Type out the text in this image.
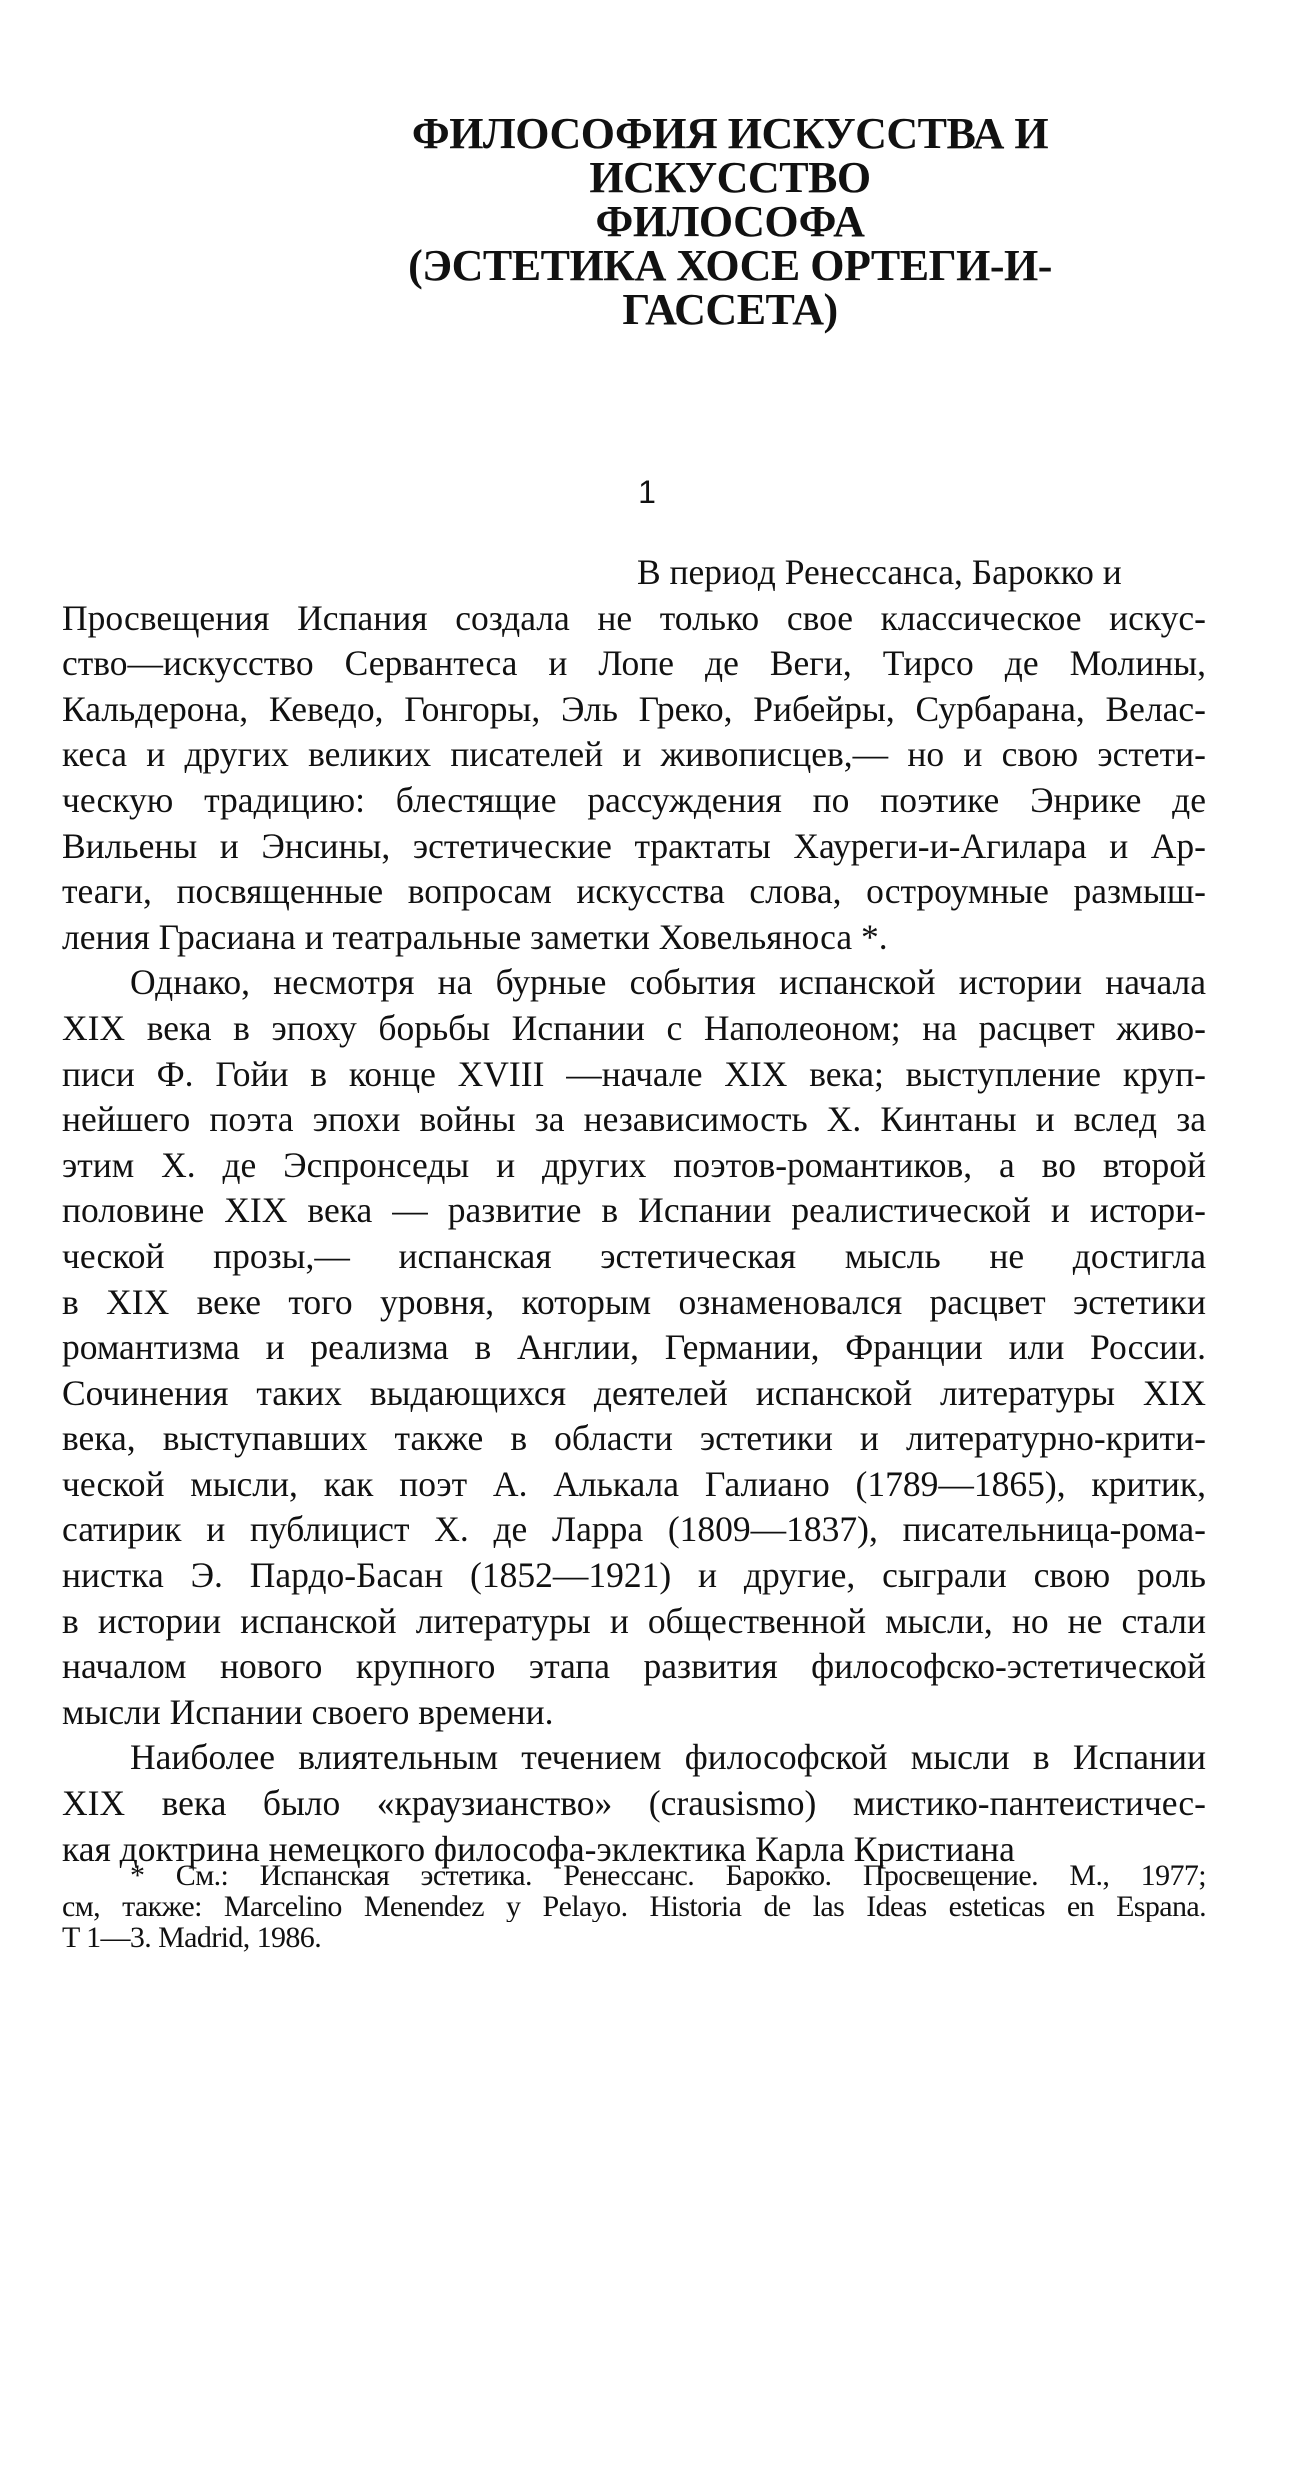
ФИЛОСОФИЯ ИСКУССТВА И
ИСКУССТВО
ФИЛОСОФА
(ЭСТЕТИКА ХОСЕ ОРТЕГИ-И-
ГАССЕТА)
1
В период Ренессанса, Барокко и
Просвещения Испания создала не только свое классическое искус-
ство—искусство Сервантеса и Лопе де Веги, Тирсо де Молины,
Кальдерона, Кеведо, Гонгоры, Эль Греко, Рибейры, Сурбарана, Велас-
кеса и других великих писателей и живописцев,— но и свою эстети-
ческую традицию: блестящие рассуждения по поэтике Энрике де
Вильены и Энсины, эстетические трактаты Хауреги-и-Агилара и Ар-
теаги, посвященные вопросам искусства слова, остроумные размыш-
ления Грасиана и театральные заметки Ховельяноса *.
Однако, несмотря на бурные события испанской истории начала
XIX века в эпоху борьбы Испании с Наполеоном; на расцвет живо-
писи Ф. Гойи в конце XVIII —начале XIX века; выступление круп-
нейшего поэта эпохи войны за независимость X. Кинтаны и вслед за
этим X. де Эспронседы и других поэтов-романтиков, а во второй
половине XIX века — развитие в Испании реалистической и истори-
ческой прозы,— испанская эстетическая мысль не достигла
в XIX веке того уровня, которым ознаменовался расцвет эстетики
романтизма и реализма в Англии, Германии, Франции или России.
Сочинения таких выдающихся деятелей испанской литературы XIX
века, выступавших также в области эстетики и литературно-крити-
ческой мысли, как поэт А. Алькала Галиано (1789—1865), критик,
сатирик и публицист X. де Ларра (1809—1837), писательница-рома-
нистка Э. Пардо-Басан (1852—1921) и другие, сыграли свою роль
в истории испанской литературы и общественной мысли, но не стали
началом нового крупного этапа развития философско-эстетической
мысли Испании своего времени.
Наиболее влиятельным течением философской мысли в Испании
XIX века было «краузианство» (crausismo) мистико-пантеистичес-
кая доктрина немецкого философа-эклектика Карла Кристиана
* См.: Испанская эстетика. Ренессанс. Барокко. Просвещение. М., 1977;
см, также: Marcelino Menendez у Pelayo. Historia de las Ideas esteticas en Espana.
T 1—3. Madrid, 1986.
